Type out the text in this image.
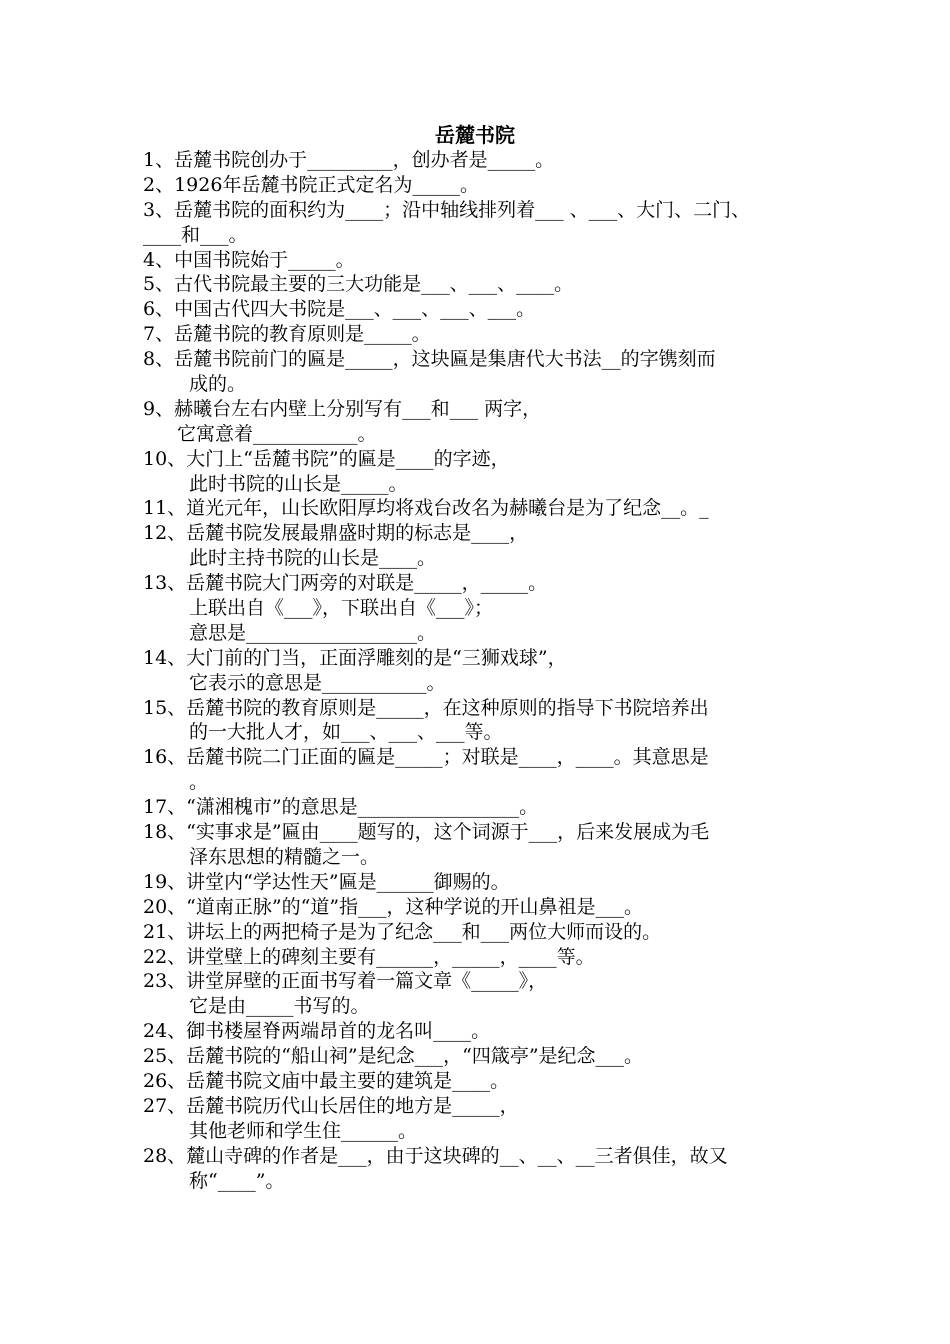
岳麓书院
1、岳麓书院创办于_________，创办者是_____。
2、1926年岳麓书院正式定名为_____。
3、岳麓书院的面积约为____；沿中轴线排列着___ 、___、大门、二门、
____和___。
4、中国书院始于_____。
5、古代书院最主要的三大功能是___、___、____。
6、中国古代四大书院是___、___、___、___。
7、岳麓书院的教育原则是_____。
8、岳麓书院前门的匾是_____，这块匾是集唐代大书法__的字镌刻而
成的。
9、赫曦台左右内壁上分别写有___和___ 两字，
它寓意着___________。
10、大门上“岳麓书院”的匾是____的字迹，
此时书院的山长是_____。
11、道光元年，山长欧阳厚均将戏台改名为赫曦台是为了纪念__。_
12、岳麓书院发展最鼎盛时期的标志是____，
此时主持书院的山长是____。
13、岳麓书院大门两旁的对联是_____，_____。
上联出自《___》，下联出自《___》；
意思是__________________。
14、大门前的门当，正面浮雕刻的是“三狮戏球”，
它表示的意思是___________。
15、岳麓书院的教育原则是_____，在这种原则的指导下书院培养出
的一大批人才，如___、___、___等。
16、岳麓书院二门正面的匾是_____；对联是____，____。其意思是
。
17、“潇湘槐市”的意思是_________________。
18、“实事求是”匾由____题写的，这个词源于___，后来发展成为毛
泽东思想的精髓之一。
19、讲堂内“学达性天”匾是______御赐的。
20、“道南正脉”的“道”指___，这种学说的开山鼻祖是___。
21、讲坛上的两把椅子是为了纪念___和___两位大师而设的。
22、讲堂壁上的碑刻主要有______，_____，____等。
23、讲堂屏壁的正面书写着一篇文章《_____》，
它是由_____书写的。
24、御书楼屋脊两端昂首的龙名叫____。
25、岳麓书院的“船山祠”是纪念___，“四箴亭”是纪念___。
26、岳麓书院文庙中最主要的建筑是____。
27、岳麓书院历代山长居住的地方是_____，
其他老师和学生住______。
28、麓山寺碑的作者是___，由于这块碑的__、__、__三者俱佳，故又
称“____”。
